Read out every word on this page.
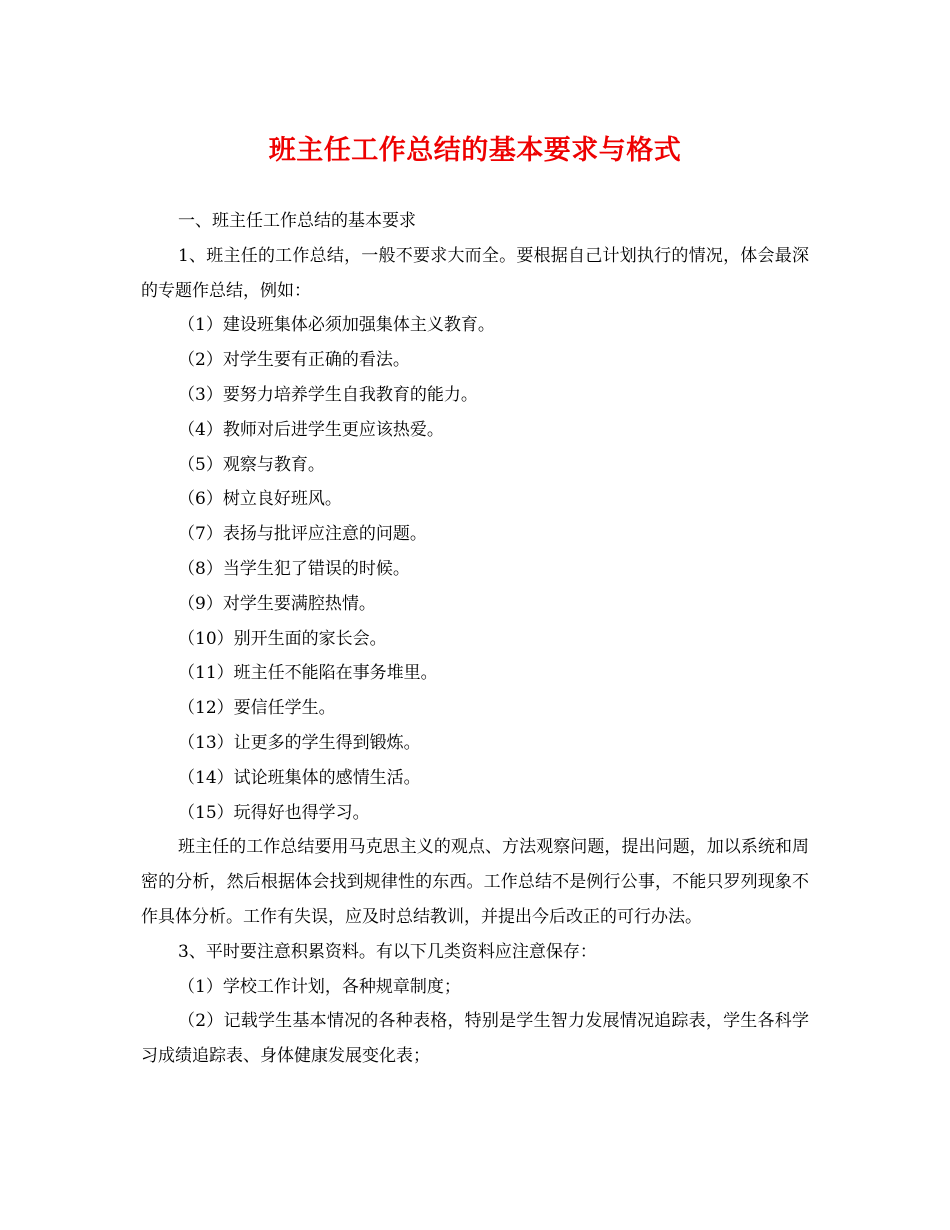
班主任工作总结的基本要求与格式

一、班主任工作总结的基本要求

1、班主任的工作总结，一般不要求大而全。要根据自己计划执行的情况，体会最深的专题作总结，例如：

（1）建设班集体必须加强集体主义教育。

（2）对学生要有正确的看法。

（3）要努力培养学生自我教育的能力。

（4）教师对后进学生更应该热爱。

（5）观察与教育。

（6）树立良好班风。

（7）表扬与批评应注意的问题。

（8）当学生犯了错误的时候。

（9）对学生要满腔热情。

（10）别开生面的家长会。

（11）班主任不能陷在事务堆里。

（12）要信任学生。

（13）让更多的学生得到锻炼。

（14）试论班集体的感情生活。

（15）玩得好也得学习。

班主任的工作总结要用马克思主义的观点、方法观察问题，提出问题，加以系统和周密的分析，然后根据体会找到规律性的东西。工作总结不是例行公事，不能只罗列现象不作具体分析。工作有失误，应及时总结教训，并提出今后改正的可行办法。

3、平时要注意积累资料。有以下几类资料应注意保存：

（1）学校工作计划，各种规章制度；

（2）记载学生基本情况的各种表格，特别是学生智力发展情况追踪表，学生各科学习成绩追踪表、身体健康发展变化表；
